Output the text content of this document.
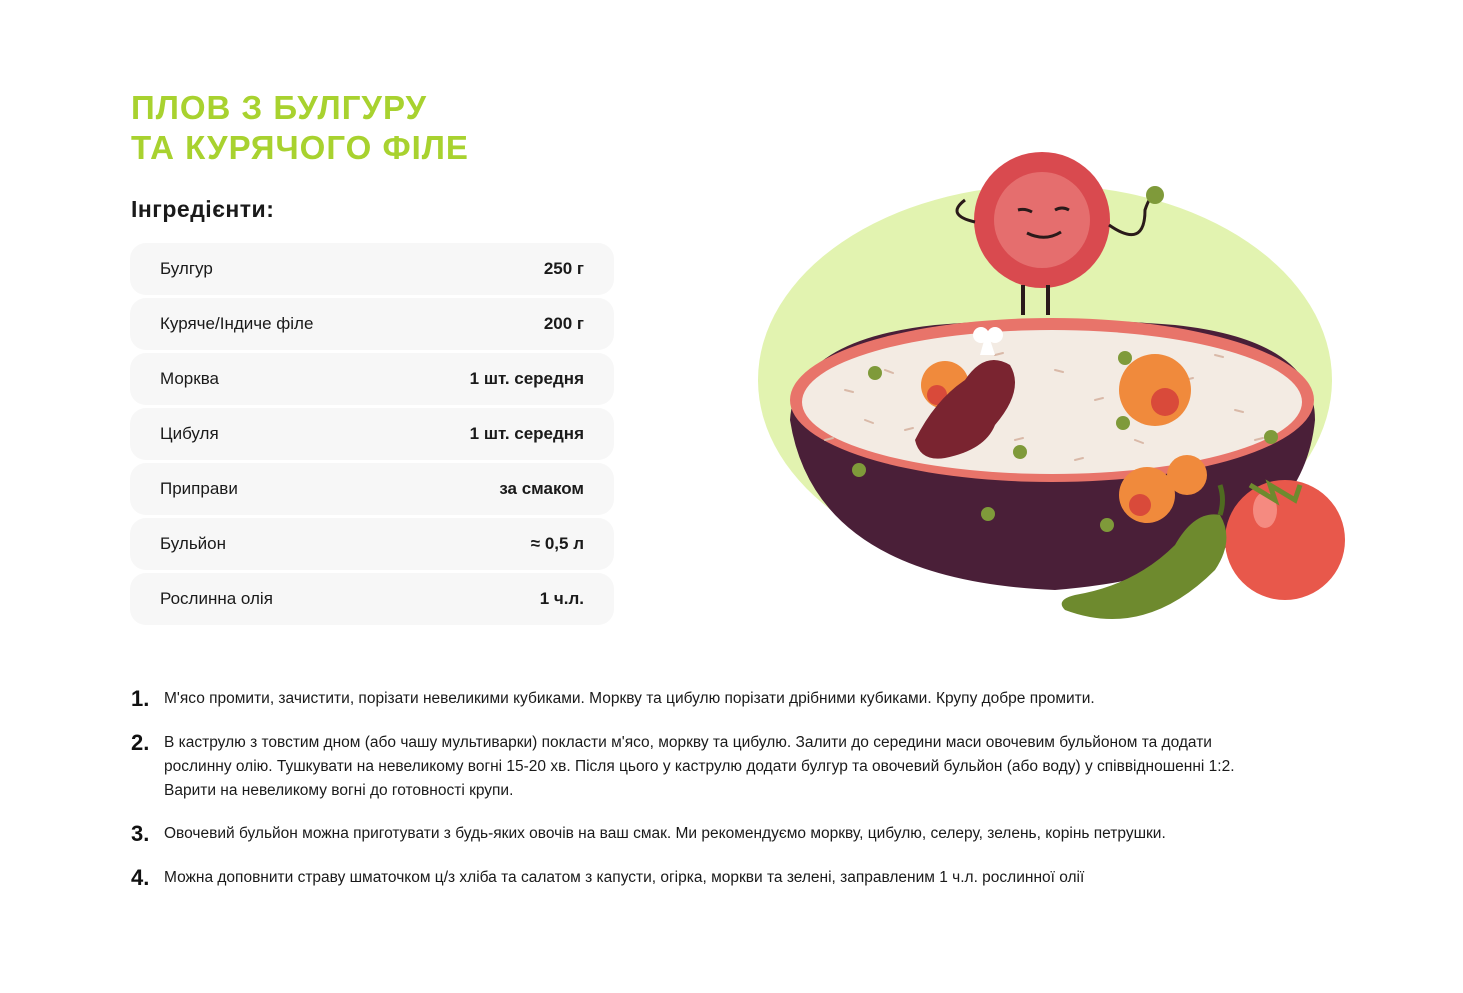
ПЛОВ З БУЛГУРУ
ТА КУРЯЧОГО ФІЛЕ
Інгредієнти:
Булгур	250 г
Куряче/Індиче філе	200 г
Морква	1 шт. середня
Цибуля	1 шт. середня
Приправи	за смаком
Бульйон	≈ 0,5 л
Рослинна олія	1 ч.л.
1. М'ясо промити, зачистити, порізати невеликими кубиками. Моркву та цибулю порізати дрібними кубиками. Крупу добре промити.
2. В каструлю з товстим дном (або чашу мультиварки) покласти м'ясо, моркву та цибулю. Залити до середини маси овочевим бульйоном та додати рослинну олію. Тушкувати на невеликому вогні 15-20 хв. Після цього у каструлю додати булгур та овочевий бульйон (або воду) у співвідношенні 1:2. Варити на невеликому вогні до готовності крупи.
3. Овочевий бульйон можна приготувати з будь-яких овочів на ваш смак. Ми рекомендуємо моркву, цибулю, селеру, зелень, корінь петрушки.
4. Можна доповнити страву шматочком ц/з хліба та салатом з капусти, огірка, моркви та зелені, заправленим 1 ч.л. рослинної олії
